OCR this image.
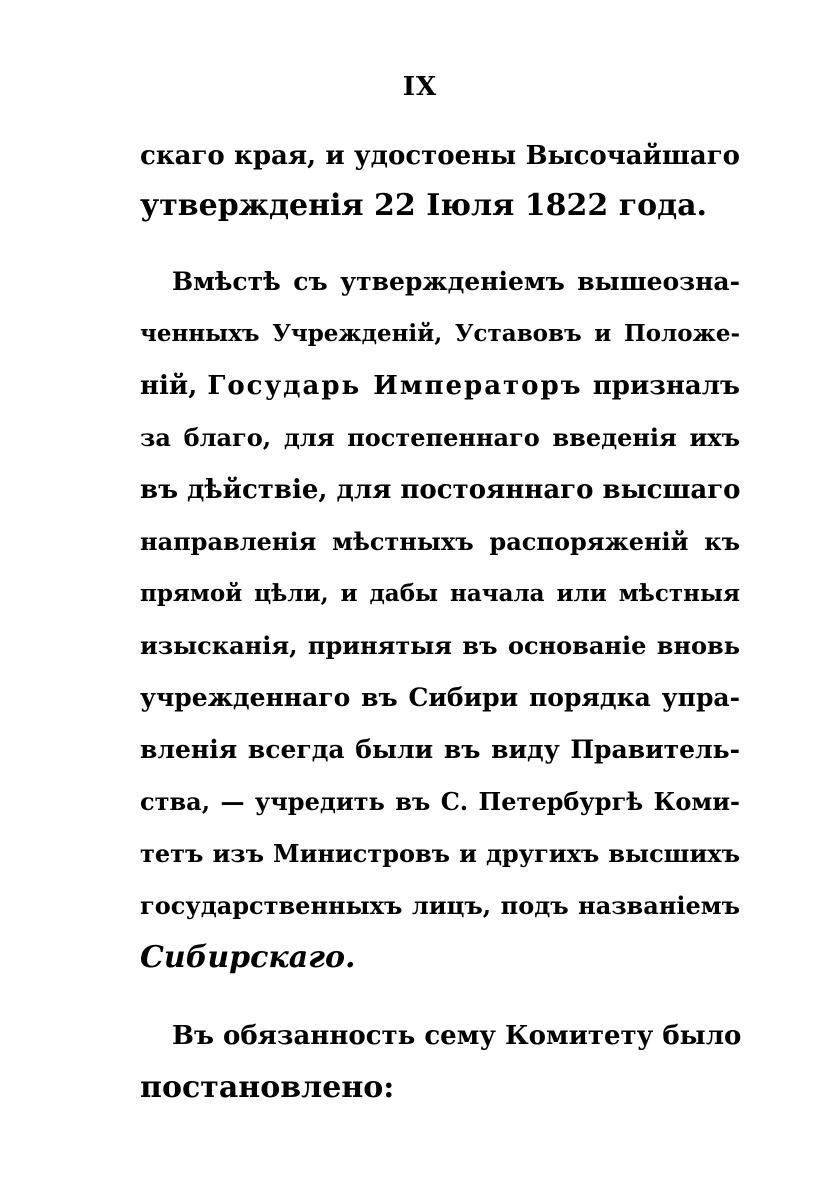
IX
скаго края, и удостоены Высочайшаго
утвержденія 22 Іюля 1822 года.
Вмѣстѣ съ утвержденіемъ вышеозна-
ченныхъ Учрежденій, Уставовъ и Положе-
ній, Государь Императоръ призналъ
за благо, для постепеннаго введенія ихъ
въ дѣйствіе, для постояннаго высшаго
направленія мѣстныхъ распоряженій къ
прямой цѣли, и дабы начала или мѣстныя
изысканія, принятыя въ основаніе вновь
учрежденнаго въ Сибири порядка упра-
вленія всегда были въ виду Правитель-
ства, — учредить въ С. Петербургѣ Коми-
тетъ изъ Министровъ и другихъ высшихъ
государственныхъ лицъ, подъ названіемъ
Сибирскаго.
Въ обязанность сему Комитету было
постановлено:
